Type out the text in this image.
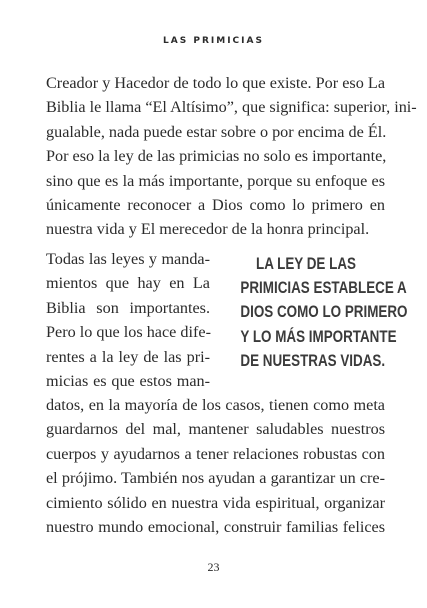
LAS PRIMICIAS
Creador y Hacedor de todo lo que existe. Por eso La
Biblia le llama “El Altísimo”, que significa: superior, ini-
gualable, nada puede estar sobre o por encima de Él.
Por eso la ley de las primicias no solo es importante,
sino que es la más importante, porque su enfoque es
únicamente reconocer a Dios como lo primero en
nuestra vida y El merecedor de la honra principal.
Todas las leyes y manda-
mientos que hay en La
Biblia son importantes.
Pero lo que los hace dife-
rentes a la ley de las pri-
micias es que estos man-
LA LEY DE LAS
PRIMICIAS ESTABLECE A
DIOS COMO LO PRIMERO
Y LO MÁS IMPORTANTE
DE NUESTRAS VIDAS.
datos, en la mayoría de los casos, tienen como meta
guardarnos del mal, mantener saludables nuestros
cuerpos y ayudarnos a tener relaciones robustas con
el prójimo. También nos ayudan a garantizar un cre-
cimiento sólido en nuestra vida espiritual, organizar
nuestro mundo emocional, construir familias felices
23
